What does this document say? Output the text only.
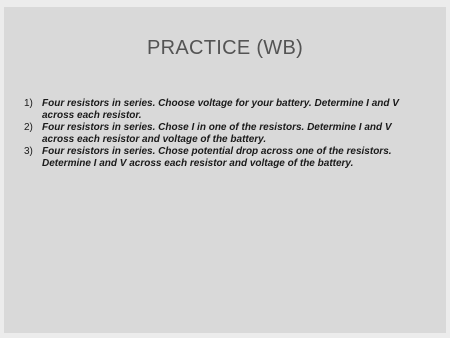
PRACTICE (WB)
1) Four resistors in series. Choose voltage for your battery. Determine I and V across each resistor.
2) Four resistors in series. Chose I in one of the resistors. Determine I and V across each resistor and voltage of the battery.
3) Four resistors in series. Chose potential drop across one of the resistors. Determine I and V across each resistor and voltage of the battery.
